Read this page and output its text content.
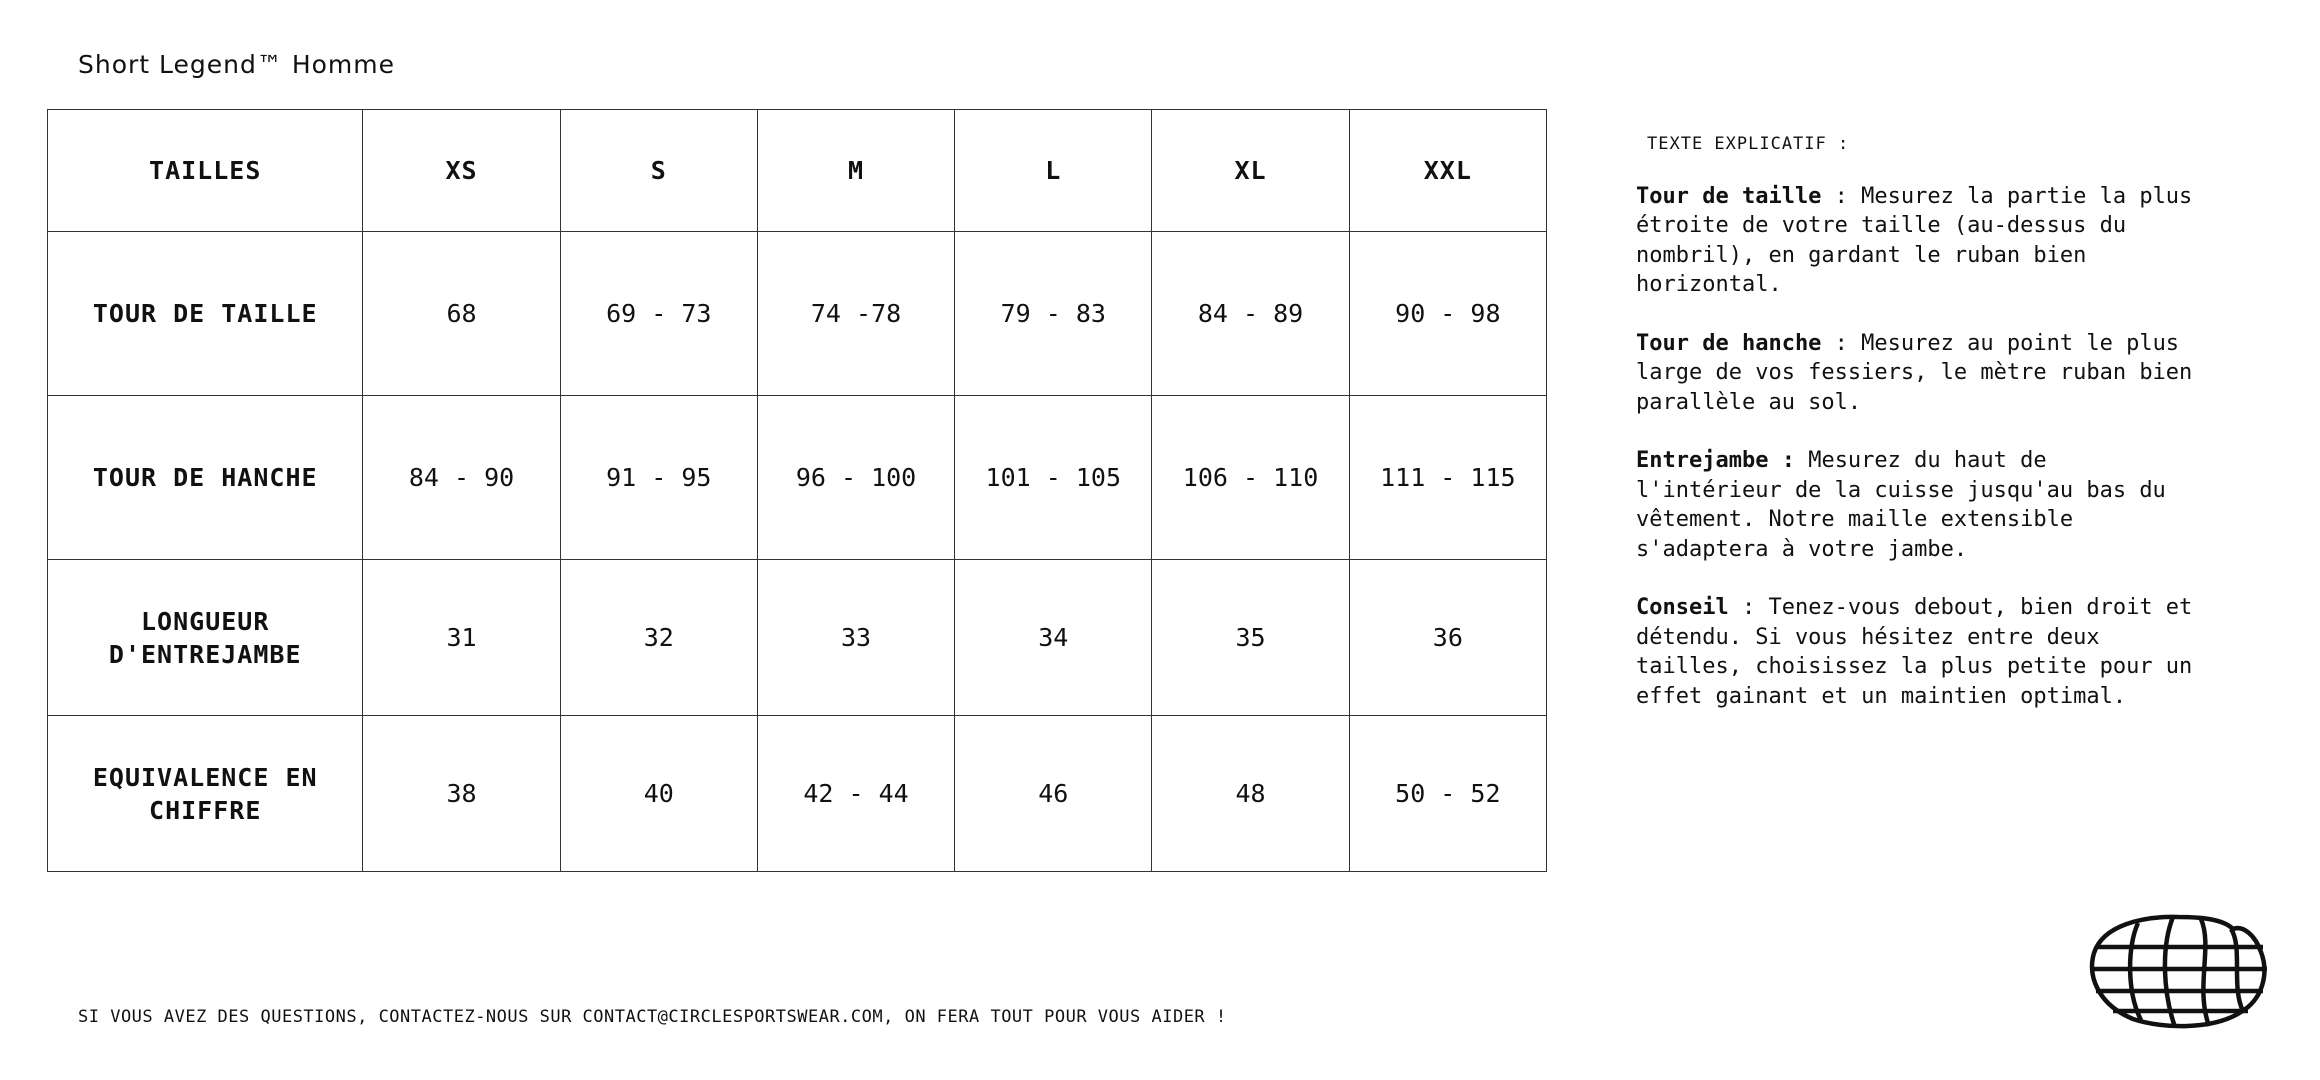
Short Legend™ Homme
TAILLES	XS	S	M	L	XL	XXL
TOUR DE TAILLE	68	69 - 73	74 -78	79 - 83	84 - 89	90 - 98
TOUR DE HANCHE	84 - 90	91 - 95	96 - 100	101 - 105	106 - 110	111 - 115
LONGUEUR
D'ENTREJAMBE	31	32	33	34	35	36
EQUIVALENCE EN
CHIFFRE	38	40	42 - 44	46	48	50 - 52
TEXTE EXPLICATIF :

Tour de taille : Mesurez la partie la plus étroite de votre taille (au-dessus du nombril), en gardant le ruban bien horizontal.

Tour de hanche : Mesurez au point le plus large de vos fessiers, le mètre ruban bien parallèle au sol.

Entrejambe : Mesurez du haut de l'intérieur de la cuisse jusqu'au bas du vêtement. Notre maille extensible s'adaptera à votre jambe.

Conseil : Tenez-vous debout, bien droit et détendu. Si vous hésitez entre deux tailles, choisissez la plus petite pour un effet gainant et un maintien optimal.

SI VOUS AVEZ DES QUESTIONS, CONTACTEZ-NOUS SUR CONTACT@CIRCLESPORTSWEAR.COM, ON FERA TOUT POUR VOUS AIDER !
